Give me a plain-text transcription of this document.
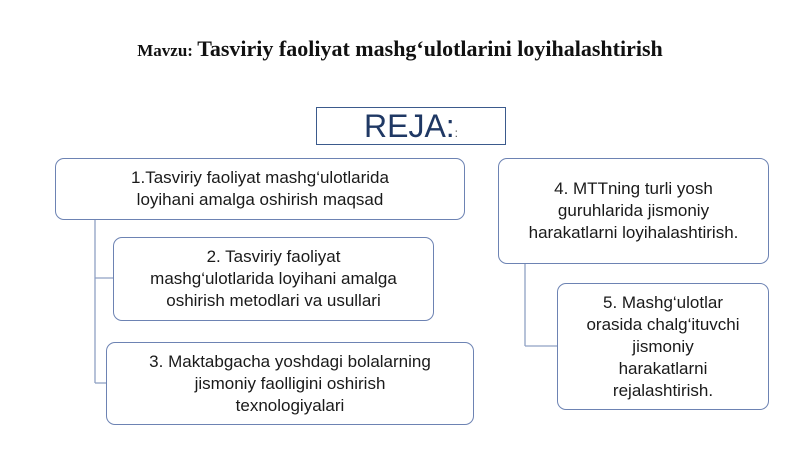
Mavzu: Tasviriy faoliyat mashg‘ulotlarini loyihalashtirish
REJA::
1.Tasviriy faoliyat mashg‘ulotlarida
loyihani amalga oshirish maqsad
2. Tasviriy faoliyat
mashg‘ulotlarida loyihani amalga
oshirish metodlari va usullari
3. Maktabgacha yoshdagi bolalarning
jismoniy faolligini oshirish
texnologiyalari
4. MTTning turli yosh
guruhlarida jismoniy
harakatlarni loyihalashtirish.
5. Mashg‘ulotlar
orasida chalg‘ituvchi
jismoniy
harakatlarni
rejalashtirish.
